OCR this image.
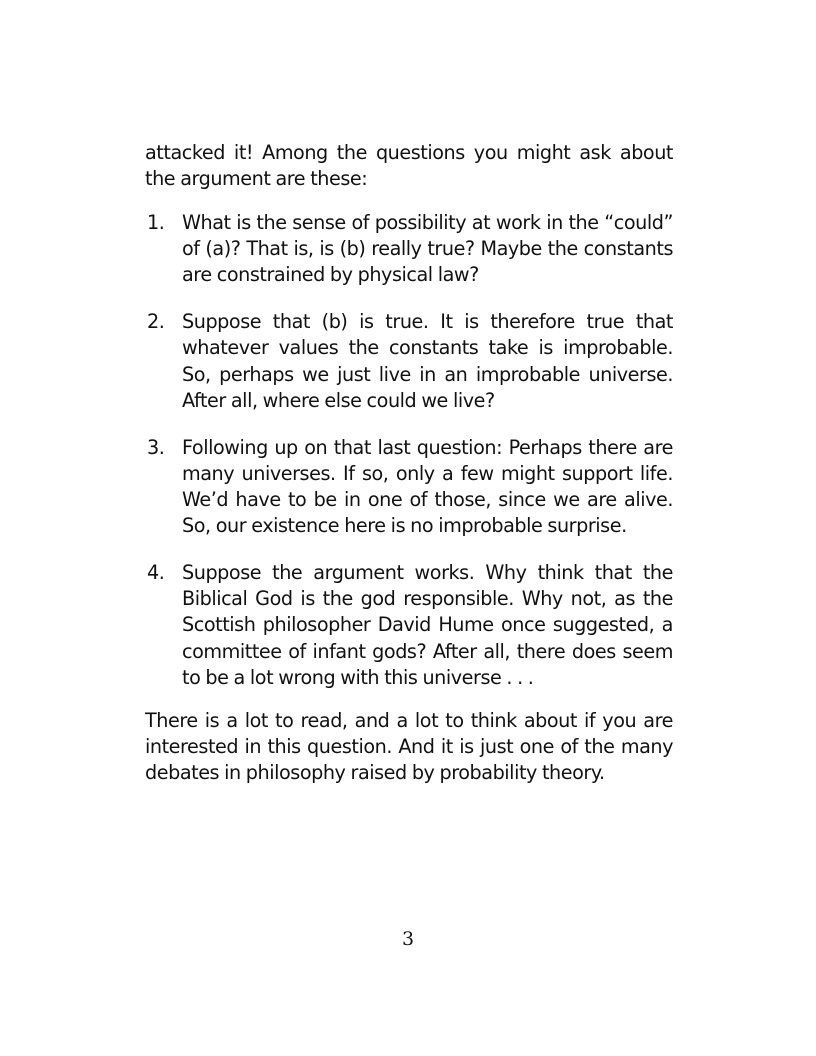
attacked it! Among the questions you might ask about the argument are these:

1. What is the sense of possibility at work in the “could” of (a)? That is, is (b) really true? Maybe the constants are constrained by physical law?
2. Suppose that (b) is true. It is therefore true that whatever values the constants take is improbable. So, perhaps we just live in an improbable universe. After all, where else could we live?
3. Following up on that last question: Perhaps there are many universes. If so, only a few might support life. We’d have to be in one of those, since we are alive. So, our existence here is no improbable surprise.
4. Suppose the argument works. Why think that the Biblical God is the god responsible. Why not, as the Scottish philosopher David Hume once suggested, a committee of infant gods? After all, there does seem to be a lot wrong with this universe . . .

There is a lot to read, and a lot to think about if you are interested in this question. And it is just one of the many debates in philosophy raised by probability theory.

3
